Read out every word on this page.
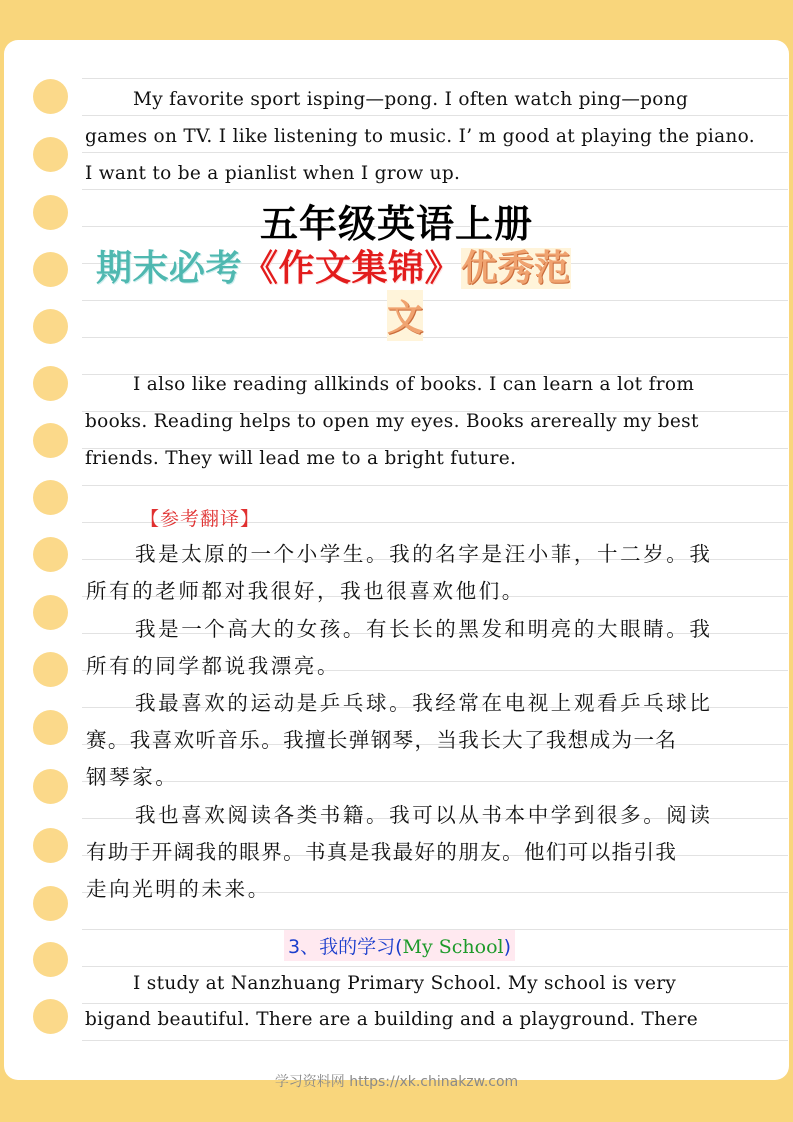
My favorite sport isping—pong. I often watch ping—pong
games on TV. I like listening to music. I’ m good at playing the piano.
I want to be a pianlist when I grow up.
五年级英语上册
期末必考《作文集锦》优秀范
文
I also like reading allkinds of books. I can learn a lot from
books. Reading helps to open my eyes. Books arereally my best
friends. They will lead me to a bright future.
【参考翻译】
我是太原的一个小学生。我的名字是汪小菲，十二岁。我
所有的老师都对我很好，我也很喜欢他们。
我是一个高大的女孩。有长长的黑发和明亮的大眼睛。我
所有的同学都说我漂亮。
我最喜欢的运动是乒乓球。我经常在电视上观看乒乓球比
赛。我喜欢听音乐。我擅长弹钢琴，当我长大了我想成为一名
钢琴家。
我也喜欢阅读各类书籍。我可以从书本中学到很多。阅读
有助于开阔我的眼界。书真是我最好的朋友。他们可以指引我
走向光明的未来。
3、我的学习(My School)
I study at Nanzhuang Primary School. My school is very
bigand beautiful. There are a building and a playground. There
学习资料网 https://xk.chinakzw.com
